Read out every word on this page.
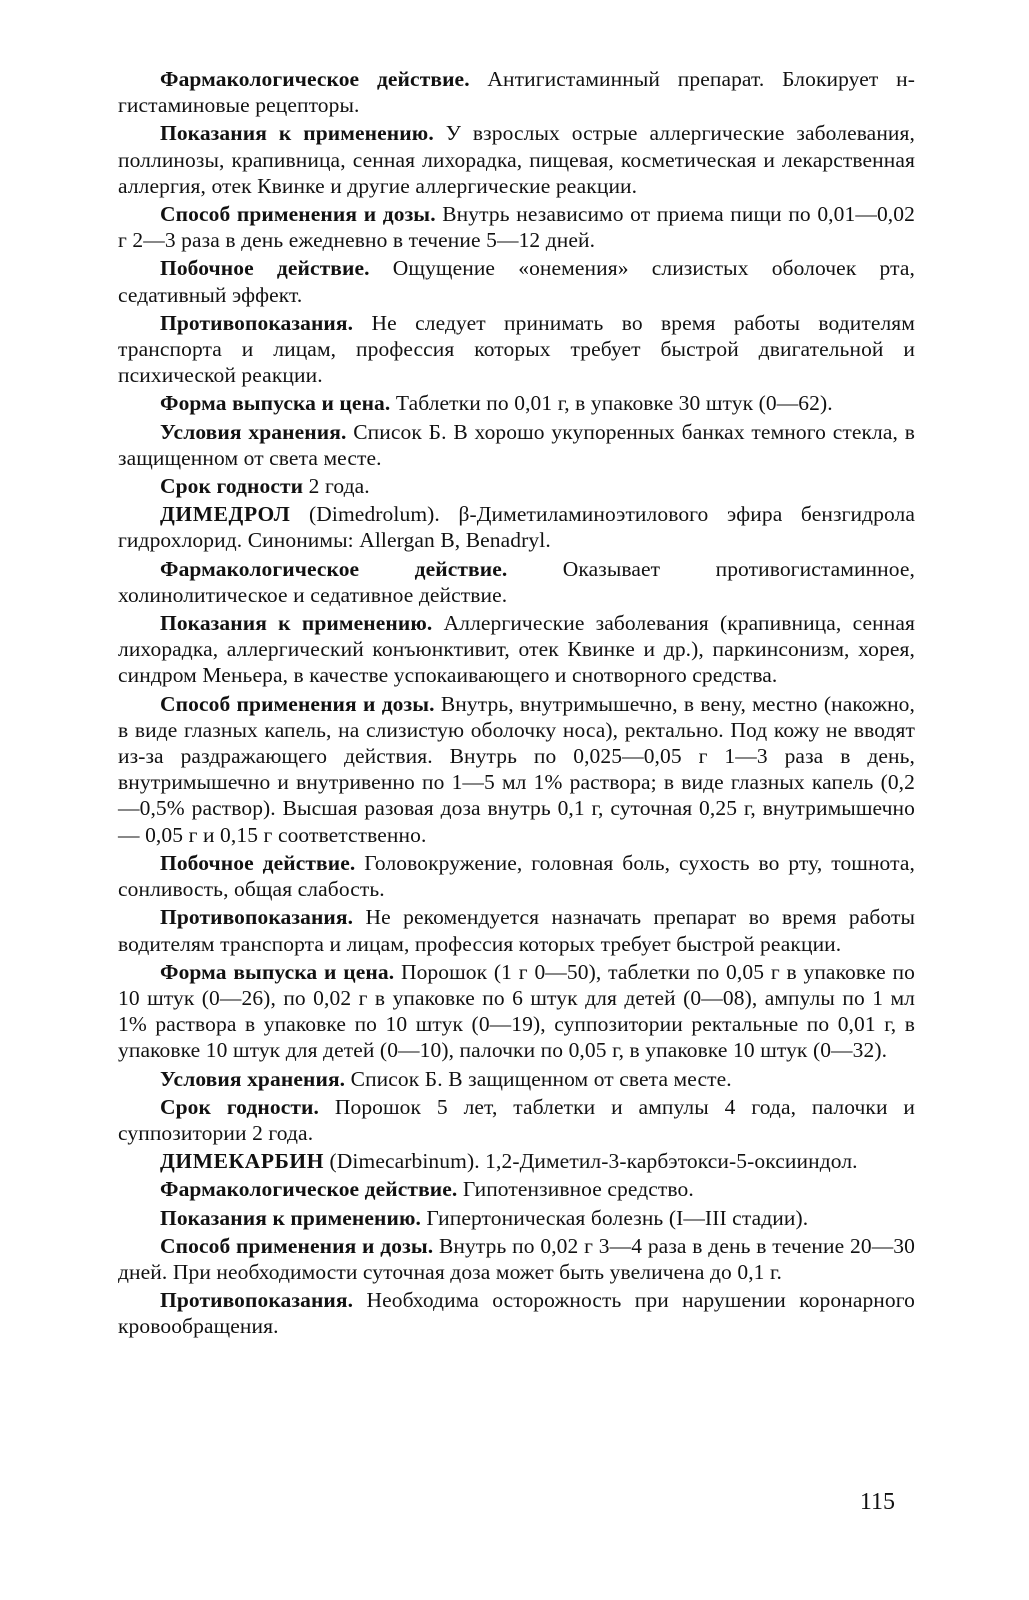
Фармакологическое действие. Антигистаминный препарат. Блокирует н-гистаминовые рецепторы.

Показания к применению. У взрослых острые аллергические заболевания, поллинозы, крапивница, сенная лихорадка, пищевая, косметическая и лекарственная аллергия, отек Квинке и другие аллергические реакции.

Способ применения и дозы. Внутрь независимо от приема пищи по 0,01—0,02 г 2—3 раза в день ежедневно в течение 5—12 дней.

Побочное действие. Ощущение «онемения» слизистых оболочек рта, седативный эффект.

Противопоказания. Не следует принимать во время работы водителям транспорта и лицам, профессия которых требует быстрой двигательной и психической реакции.

Форма выпуска и цена. Таблетки по 0,01 г, в упаковке 30 штук (0—62).

Условия хранения. Список Б. В хорошо укупоренных банках темного стекла, в защищенном от света месте.

Срок годности 2 года.

ДИМЕДРОЛ (Dimedrolum). β-Диметиламиноэтилового эфира бензгидрола гидрохлорид. Синонимы: Allergan B, Benadryl.

Фармакологическое действие. Оказывает противогистаминное, холинолитическое и седативное действие.

Показания к применению. Аллергические заболевания (крапивница, сенная лихорадка, аллергический конъюнктивит, отек Квинке и др.), паркинсонизм, хорея, синдром Меньера, в качестве успокаивающего и снотворного средства.

Способ применения и дозы. Внутрь, внутримышечно, в вену, местно (накожно, в виде глазных капель, на слизистую оболочку носа), ректально. Под кожу не вводят из-за раздражающего действия. Внутрь по 0,025—0,05 г 1—3 раза в день, внутримышечно и внутривенно по 1—5 мл 1% раствора; в виде глазных капель (0,2—0,5% раствор). Высшая разовая доза внутрь 0,1 г, суточная 0,25 г, внутримышечно — 0,05 г и 0,15 г соответственно.

Побочное действие. Головокружение, головная боль, сухость во рту, тошнота, сонливость, общая слабость.

Противопоказания. Не рекомендуется назначать препарат во время работы водителям транспорта и лицам, профессия которых требует быстрой реакции.

Форма выпуска и цена. Порошок (1 г 0—50), таблетки по 0,05 г в упаковке по 10 штук (0—26), по 0,02 г в упаковке по 6 штук для детей (0—08), ампулы по 1 мл 1% раствора в упаковке по 10 штук (0—19), суппозитории ректальные по 0,01 г, в упаковке 10 штук для детей (0—10), палочки по 0,05 г, в упаковке 10 штук (0—32).

Условия хранения. Список Б. В защищенном от света месте.

Срок годности. Порошок 5 лет, таблетки и ампулы 4 года, палочки и суппозитории 2 года.

ДИМЕКАРБИН (Dimecarbinum). 1,2-Диметил-3-карбэтокси-5-оксииндол.

Фармакологическое действие. Гипотензивное средство.

Показания к применению. Гипертоническая болезнь (I—III стадии).

Способ применения и дозы. Внутрь по 0,02 г 3—4 раза в день в течение 20—30 дней. При необходимости суточная доза может быть увеличена до 0,1 г.

Противопоказания. Необходима осторожность при нарушении коронарного кровообращения.

115
